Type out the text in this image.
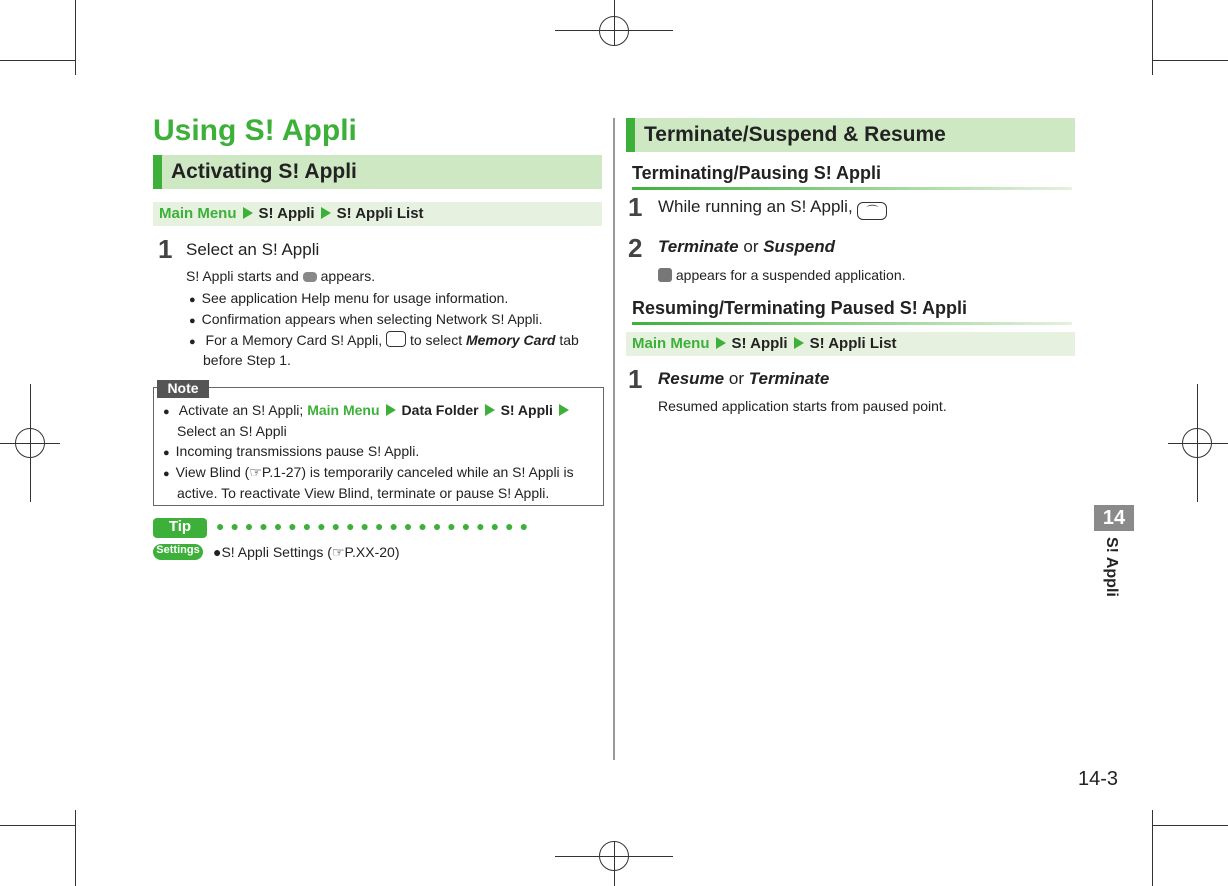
Using S! Appli
Activating S! Appli
Main Menu S! Appli S! Appli List
1 Select an S! Appli
S! Appli starts and appears.
● See application Help menu for usage information.
● Confirmation appears when selecting Network S! Appli.
● For a Memory Card S! Appli, to select Memory Card tab
before Step 1.
Note
● Activate an S! Appli; Main Menu Data Folder S! Appli
Select an S! Appli
● Incoming transmissions pause S! Appli.
● View Blind (☞P.1-27) is temporarily canceled while an S! Appli is
active. To reactivate View Blind, terminate or pause S! Appli.
Tip	●●●●●●●●●●●●●●●●●●●●●●
Settings ●S! Appli Settings (☞P.XX-20)
Terminate/Suspend & Resume
Terminating/Pausing S! Appli
1 While running an S! Appli, ⌒
2 Terminate or Suspend
appears for a suspended application.
Resuming/Terminating Paused S! Appli
Main Menu S! Appli S! Appli List
1 Resume or Terminate
Resumed application starts from paused point.
14
S! Appli
14-3
